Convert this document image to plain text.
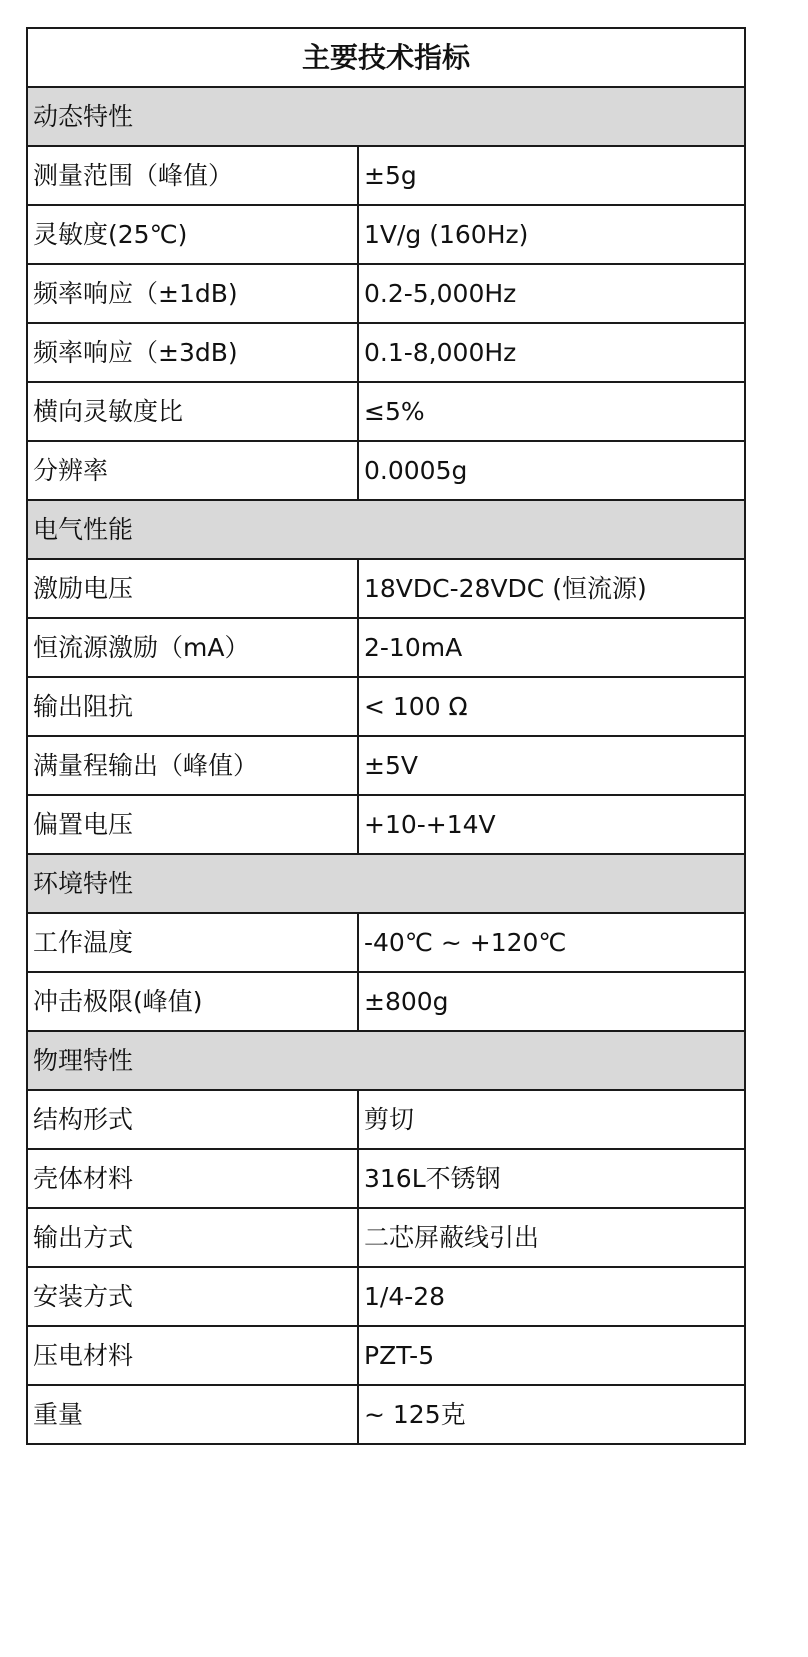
主要技术指标	
动态特性	
测量范围（峰值）	±5g
灵敏度(25℃)	1V/g (160Hz)
频率响应（±1dB)	0.2-5,000Hz
频率响应（±3dB)	0.1-8,000Hz
横向灵敏度比	≤5%
分辨率	0.0005g
电气性能	
激励电压	18VDC-28VDC (恒流源)
恒流源激励（mA）	2-10mA
输出阻抗	< 100 Ω
满量程输出（峰值）	±5V
偏置电压	+10-+14V
环境特性	
工作温度	-40℃ ~ +120℃
冲击极限(峰值)	±800g
物理特性	
结构形式	剪切
壳体材料	316L不锈钢
输出方式	二芯屏蔽线引出
安装方式	1/4-28
压电材料	PZT-5
重量	~ 125克
